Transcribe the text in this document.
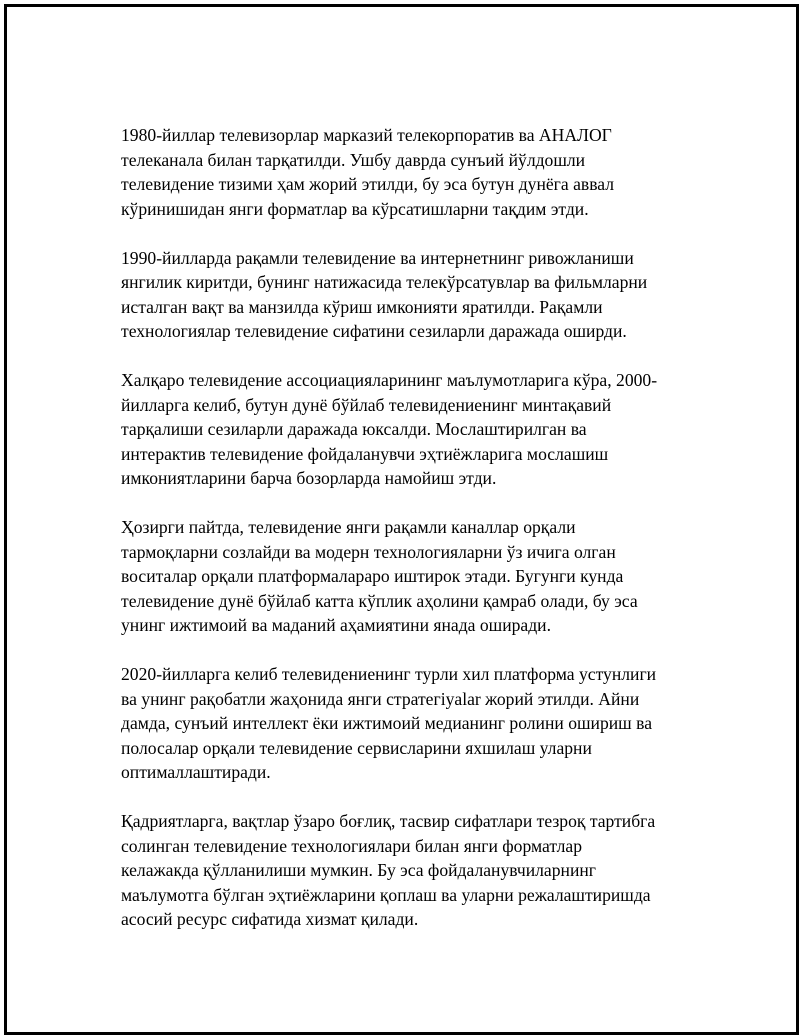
1980-йиллар телевизорлар марказий телекорпоратив ва АНАЛОГ
телеканала билан тарқатилди. Ушбу даврда сунъий йўлдошли
телевидение тизими ҳам жорий этилди, бу эса бутун дунёга аввал
кўринишидан янги форматлар ва кўрсатишларни тақдим этди.

1990-йилларда рақамли телевидение ва интернетнинг ривожланиши
янгилик киритди, бунинг натижасида телекўрсатувлар ва фильмларни
исталган вақт ва манзилда кўриш имконияти яратилди. Рақамли
технологиялар телевидение сифатини сезиларли даражада оширди.

Халқаро телевидение ассоциацияларининг маълумотларига кўра, 2000-
йилларга келиб, бутун дунё бўйлаб телевидениенинг минтақавий
тарқалиши сезиларли даражада юксалди. Мослаштирилган ва
интерактив телевидение фойдаланувчи эҳтиёжларига мослашиш
имкониятларини барча бозорларда намойиш этди.

Ҳозирги пайтда, телевидение янги рақамли каналлар орқали
тармоқларни созлайди ва модерн технологияларни ўз ичига олган
воситалар орқали платформалараро иштирок этади. Бугунги кунда
телевидение дунё бўйлаб катта кўплик аҳолини қамраб олади, бу эса
унинг ижтимоий ва маданий аҳамиятини янада оширади.

2020-йилларга келиб телевидениенинг турли хил платформа устунлиги
ва унинг рақобатли жаҳонида янги стратегіyalar жорий этилди. Айни
дамда, сунъий интеллект ёки ижтимоий медианинг ролини ошириш ва
полосалар орқали телевидение сервисларини яхшилаш уларни
оптималлаштиради.

Қадриятларга, вақтлар ўзаро боғлиқ, тасвир сифатлари тезроқ тартибга
солинган телевидение технологиялари билан янги форматлар
келажакда қўлланилиши мумкин. Бу эса фойдаланувчиларнинг
маълумотга бўлган эҳтиёжларини қоплаш ва уларни режалаштиришда
асосий ресурс сифатида хизмат қилади.
